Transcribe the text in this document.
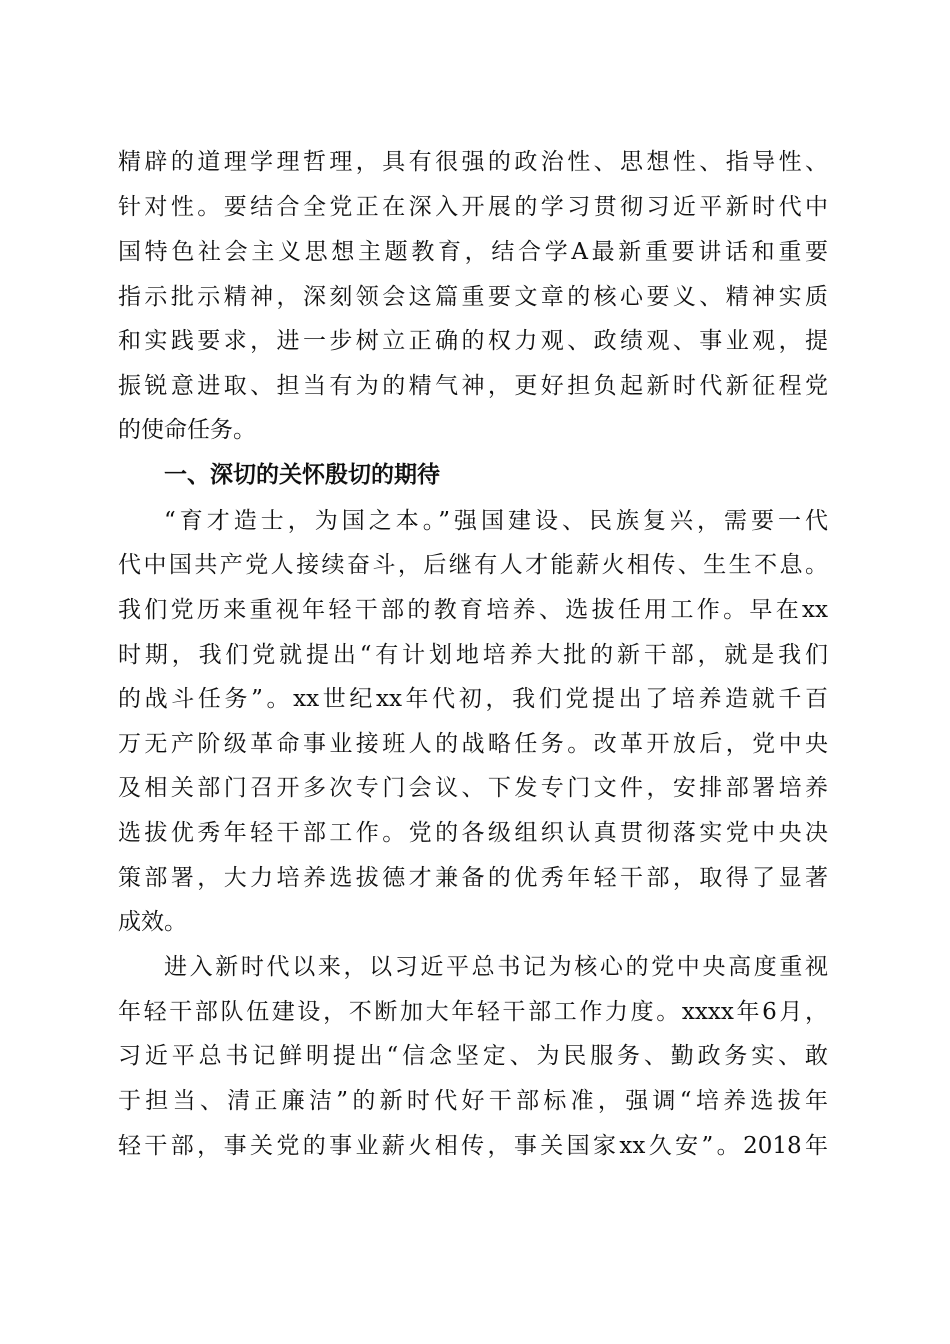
精辟的道理学理哲理，具有很强的政治性、思想性、指导性、
针对性。要结合全党正在深入开展的学习贯彻习近平新时代中
国特色社会主义思想主题教育，结合学A最新重要讲话和重要
指示批示精神，深刻领会这篇重要文章的核心要义、精神实质
和实践要求，进一步树立正确的权力观、政绩观、事业观，提
振锐意进取、担当有为的精气神，更好担负起新时代新征程党
的使命任务。
一、深切的关怀殷切的期待
“育才造士，为国之本。”强国建设、民族复兴，需要一代
代中国共产党人接续奋斗，后继有人才能薪火相传、生生不息。
我们党历来重视年轻干部的教育培养、选拔任用工作。早在xx
时期，我们党就提出“有计划地培养大批的新干部，就是我们
的战斗任务”。xx世纪xx年代初，我们党提出了培养造就千百
万无产阶级革命事业接班人的战略任务。改革开放后，党中央
及相关部门召开多次专门会议、下发专门文件，安排部署培养
选拔优秀年轻干部工作。党的各级组织认真贯彻落实党中央决
策部署，大力培养选拔德才兼备的优秀年轻干部，取得了显著
成效。
进入新时代以来，以习近平总书记为核心的党中央高度重视
年轻干部队伍建设，不断加大年轻干部工作力度。xxxx年6月，
习近平总书记鲜明提出“信念坚定、为民服务、勤政务实、敢
于担当、清正廉洁”的新时代好干部标准，强调“培养选拔年
轻干部，事关党的事业薪火相传，事关国家xx久安”。2018年
